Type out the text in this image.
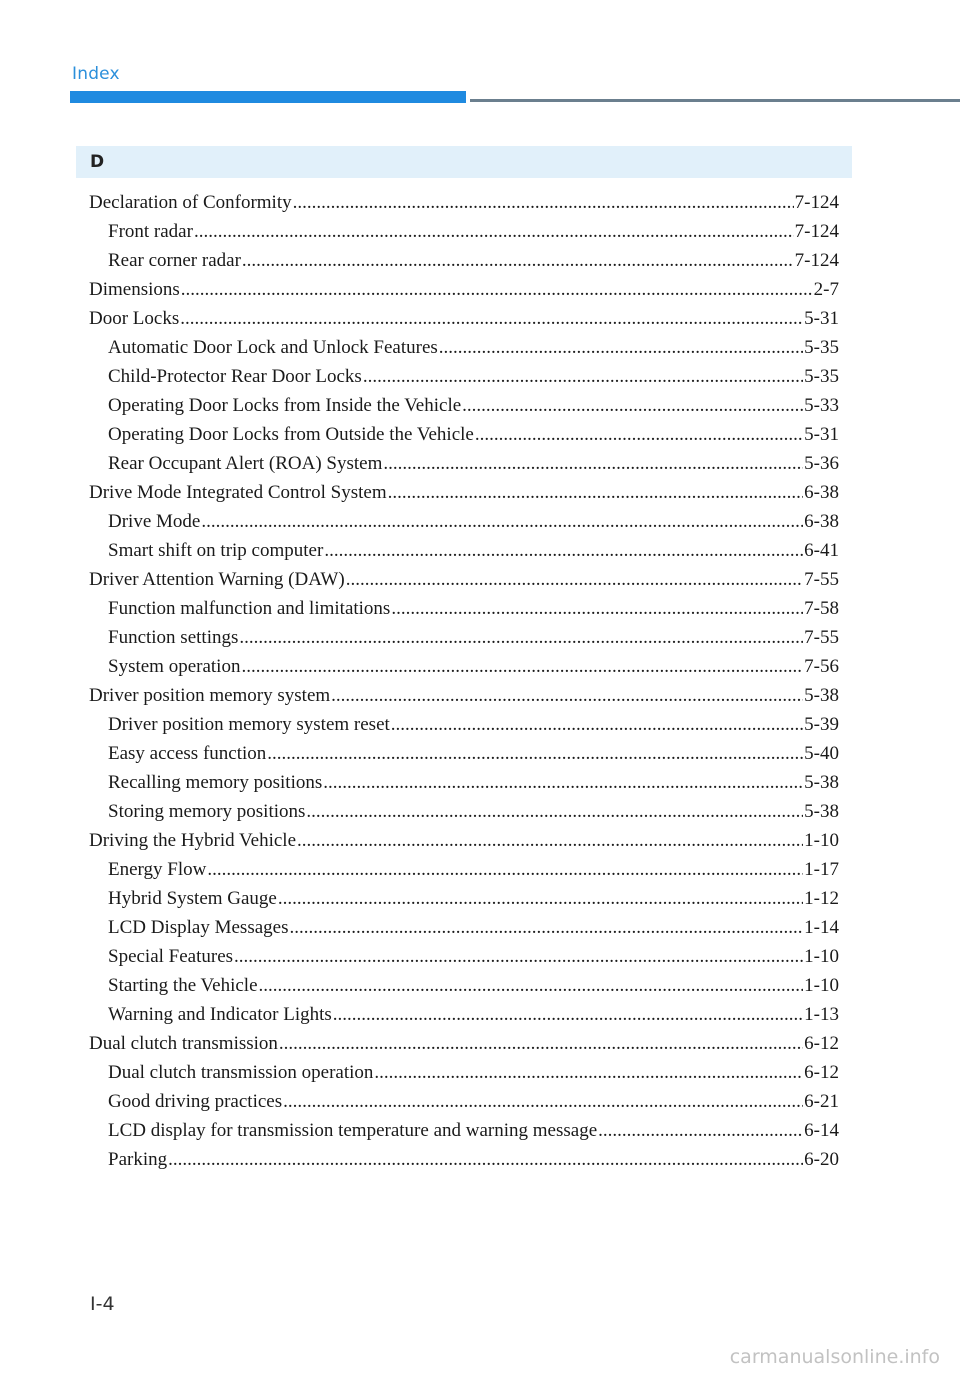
Index
D
Declaration of Conformity .....	7-124
Front radar .....	7-124
Rear corner radar .....	7-124
Dimensions .....	2-7
Door Locks .....	5-31
Automatic Door Lock and Unlock Features .....	5-35
Child-Protector Rear Door Locks .....	5-35
Operating Door Locks from Inside the Vehicle .....	5-33
Operating Door Locks from Outside the Vehicle .....	5-31
Rear Occupant Alert (ROA) System .....	5-36
Drive Mode Integrated Control System .....	6-38
Drive Mode .....	6-38
Smart shift on trip computer .....	6-41
Driver Attention Warning (DAW) .....	7-55
Function malfunction and limitations .....	7-58
Function settings .....	7-55
System operation .....	7-56
Driver position memory system .....	5-38
Driver position memory system reset .....	5-39
Easy access function .....	5-40
Recalling memory positions .....	5-38
Storing memory positions .....	5-38
Driving the Hybrid Vehicle .....	1-10
Energy Flow .....	1-17
Hybrid System Gauge .....	1-12
LCD Display Messages .....	1-14
Special Features .....	1-10
Starting the Vehicle .....	1-10
Warning and Indicator Lights .....	1-13
Dual clutch transmission .....	6-12
Dual clutch transmission operation .....	6-12
Good driving practices .....	6-21
LCD display for transmission temperature and warning message .....	6-14
Parking .....	6-20
I-4
carmanualsonline.info
